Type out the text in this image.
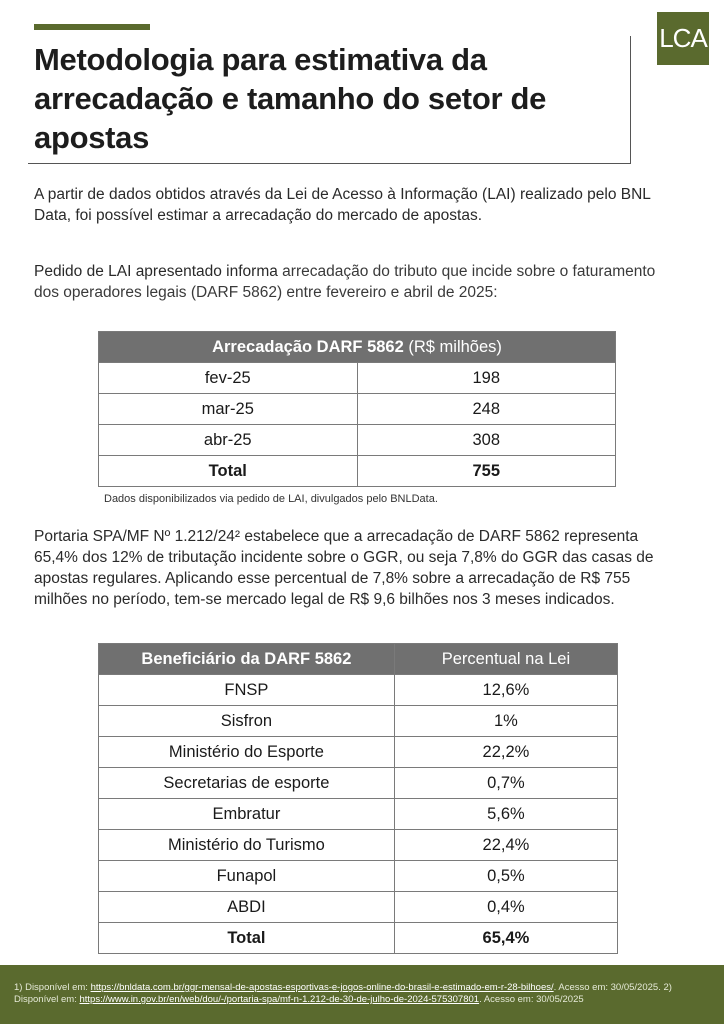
Metodologia para estimativa da arrecadação e tamanho do setor de apostas
LCA

A partir de dados obtidos através da Lei de Acesso à Informação (LAI) realizado pelo BNL Data, foi possível estimar a arrecadação do mercado de apostas.

Pedido de LAI apresentado informa arrecadação do tributo que incide sobre o faturamento dos operadores legais (DARF 5862) entre fevereiro e abril de 2025:

Arrecadação DARF 5862 (R$ milhões)	
fev-25	198
mar-25	248
abr-25	308
Total	755

Dados disponibilizados via pedido de LAI, divulgados pelo BNLData.

Portaria SPA/MF Nº 1.212/24² estabelece que a arrecadação de DARF 5862 representa 65,4% dos 12% de tributação incidente sobre o GGR, ou seja 7,8% do GGR das casas de apostas regulares. Aplicando esse percentual de 7,8% sobre a arrecadação de R$ 755 milhões no período, tem-se mercado legal de R$ 9,6 bilhões nos 3 meses indicados.

Beneficiário da DARF 5862	Percentual na Lei
FNSP	12,6%
Sisfron	1%
Ministério do Esporte	22,2%
Secretarias de esporte	0,7%
Embratur	5,6%
Ministério do Turismo	22,4%
Funapol	0,5%
ABDI	0,4%
Total	65,4%
1) Disponível em: https://bnldata.com.br/ggr-mensal-de-apostas-esportivas-e-jogos-online-do-brasil-e-estimado-em-r-28-bilhoes/. Acesso em: 30/05/2025. 2) Disponível em: https://www.in.gov.br/en/web/dou/-/portaria-spa/mf-n-1.212-de-30-de-julho-de-2024-575307801. Acesso em: 30/05/2025
